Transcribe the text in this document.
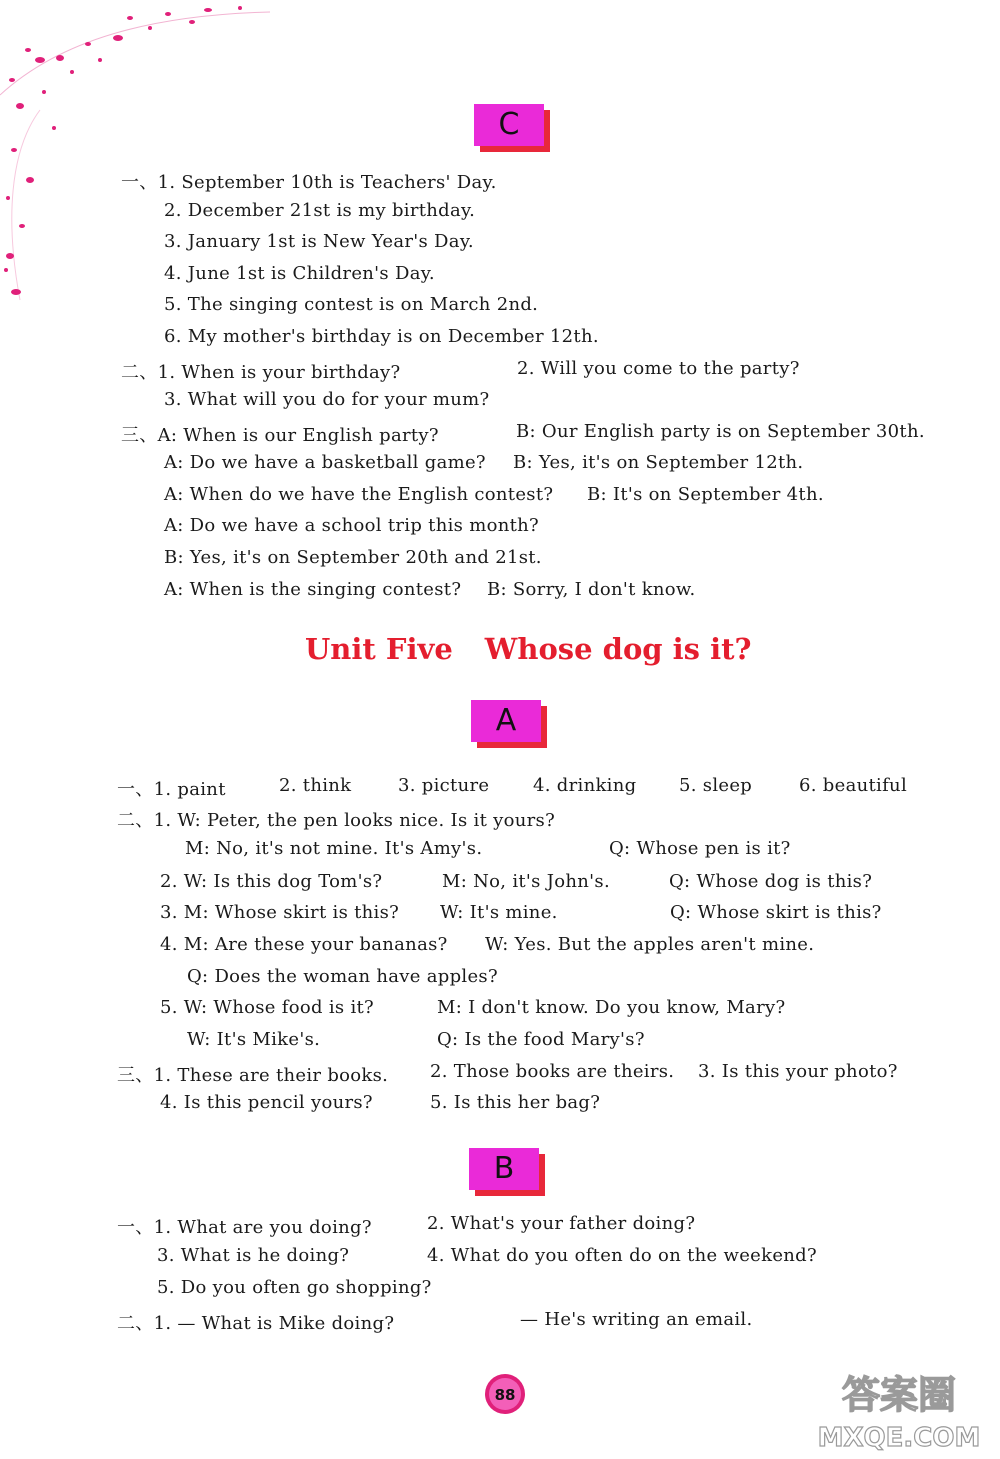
C
一、1. September 10th is Teachers' Day.
2. December 21st is my birthday.
3. January 1st is New Year's Day.
4. June 1st is Children's Day.
5. The singing contest is on March 2nd.
6. My mother's birthday is on December 12th.
二、1. When is your birthday?	2. Will you come to the party?
3. What will you do for your mum?
三、A: When is our English party?	B: Our English party is on September 30th.
A: Do we have a basketball game? B: Yes, it's on September 12th.
A: When do we have the English contest? B: It's on September 4th.
A: Do we have a school trip this month?
B: Yes, it's on September 20th and 21st.
A: When is the singing contest? B: Sorry, I don't know.
Unit Five Whose dog is it?
A
一、1. paint	2. think	3. picture 4. drinking 5. sleep	6. beautiful
二、1. W: Peter, the pen looks nice. Is it yours?
M: No, it's not mine. It's Amy's.	Q: Whose pen is it?
2. W: Is this dog Tom's?	M: No, it's John's.	Q: Whose dog is this?
3. M: Whose skirt is this? W: It's mine.	Q: Whose skirt is this?
4. M: Are these your bananas? W: Yes. But the apples aren't mine.
Q: Does the woman have apples?
5. W: Whose food is it?	M: I don't know. Do you know, Mary?
W: It's Mike's.	Q: Is the food Mary's?
三、1. These are their books. 2. Those books are theirs. 3. Is this your photo?
4. Is this pencil yours?	5. Is this her bag?
B
一、1. What are you doing?	2. What's your father doing?
3. What is he doing?	4. What do you often do on the weekend?
5. Do you often go shopping?
二、1. — What is Mike doing?	— He's writing an email.
88	答案圈
MXQE.COM
